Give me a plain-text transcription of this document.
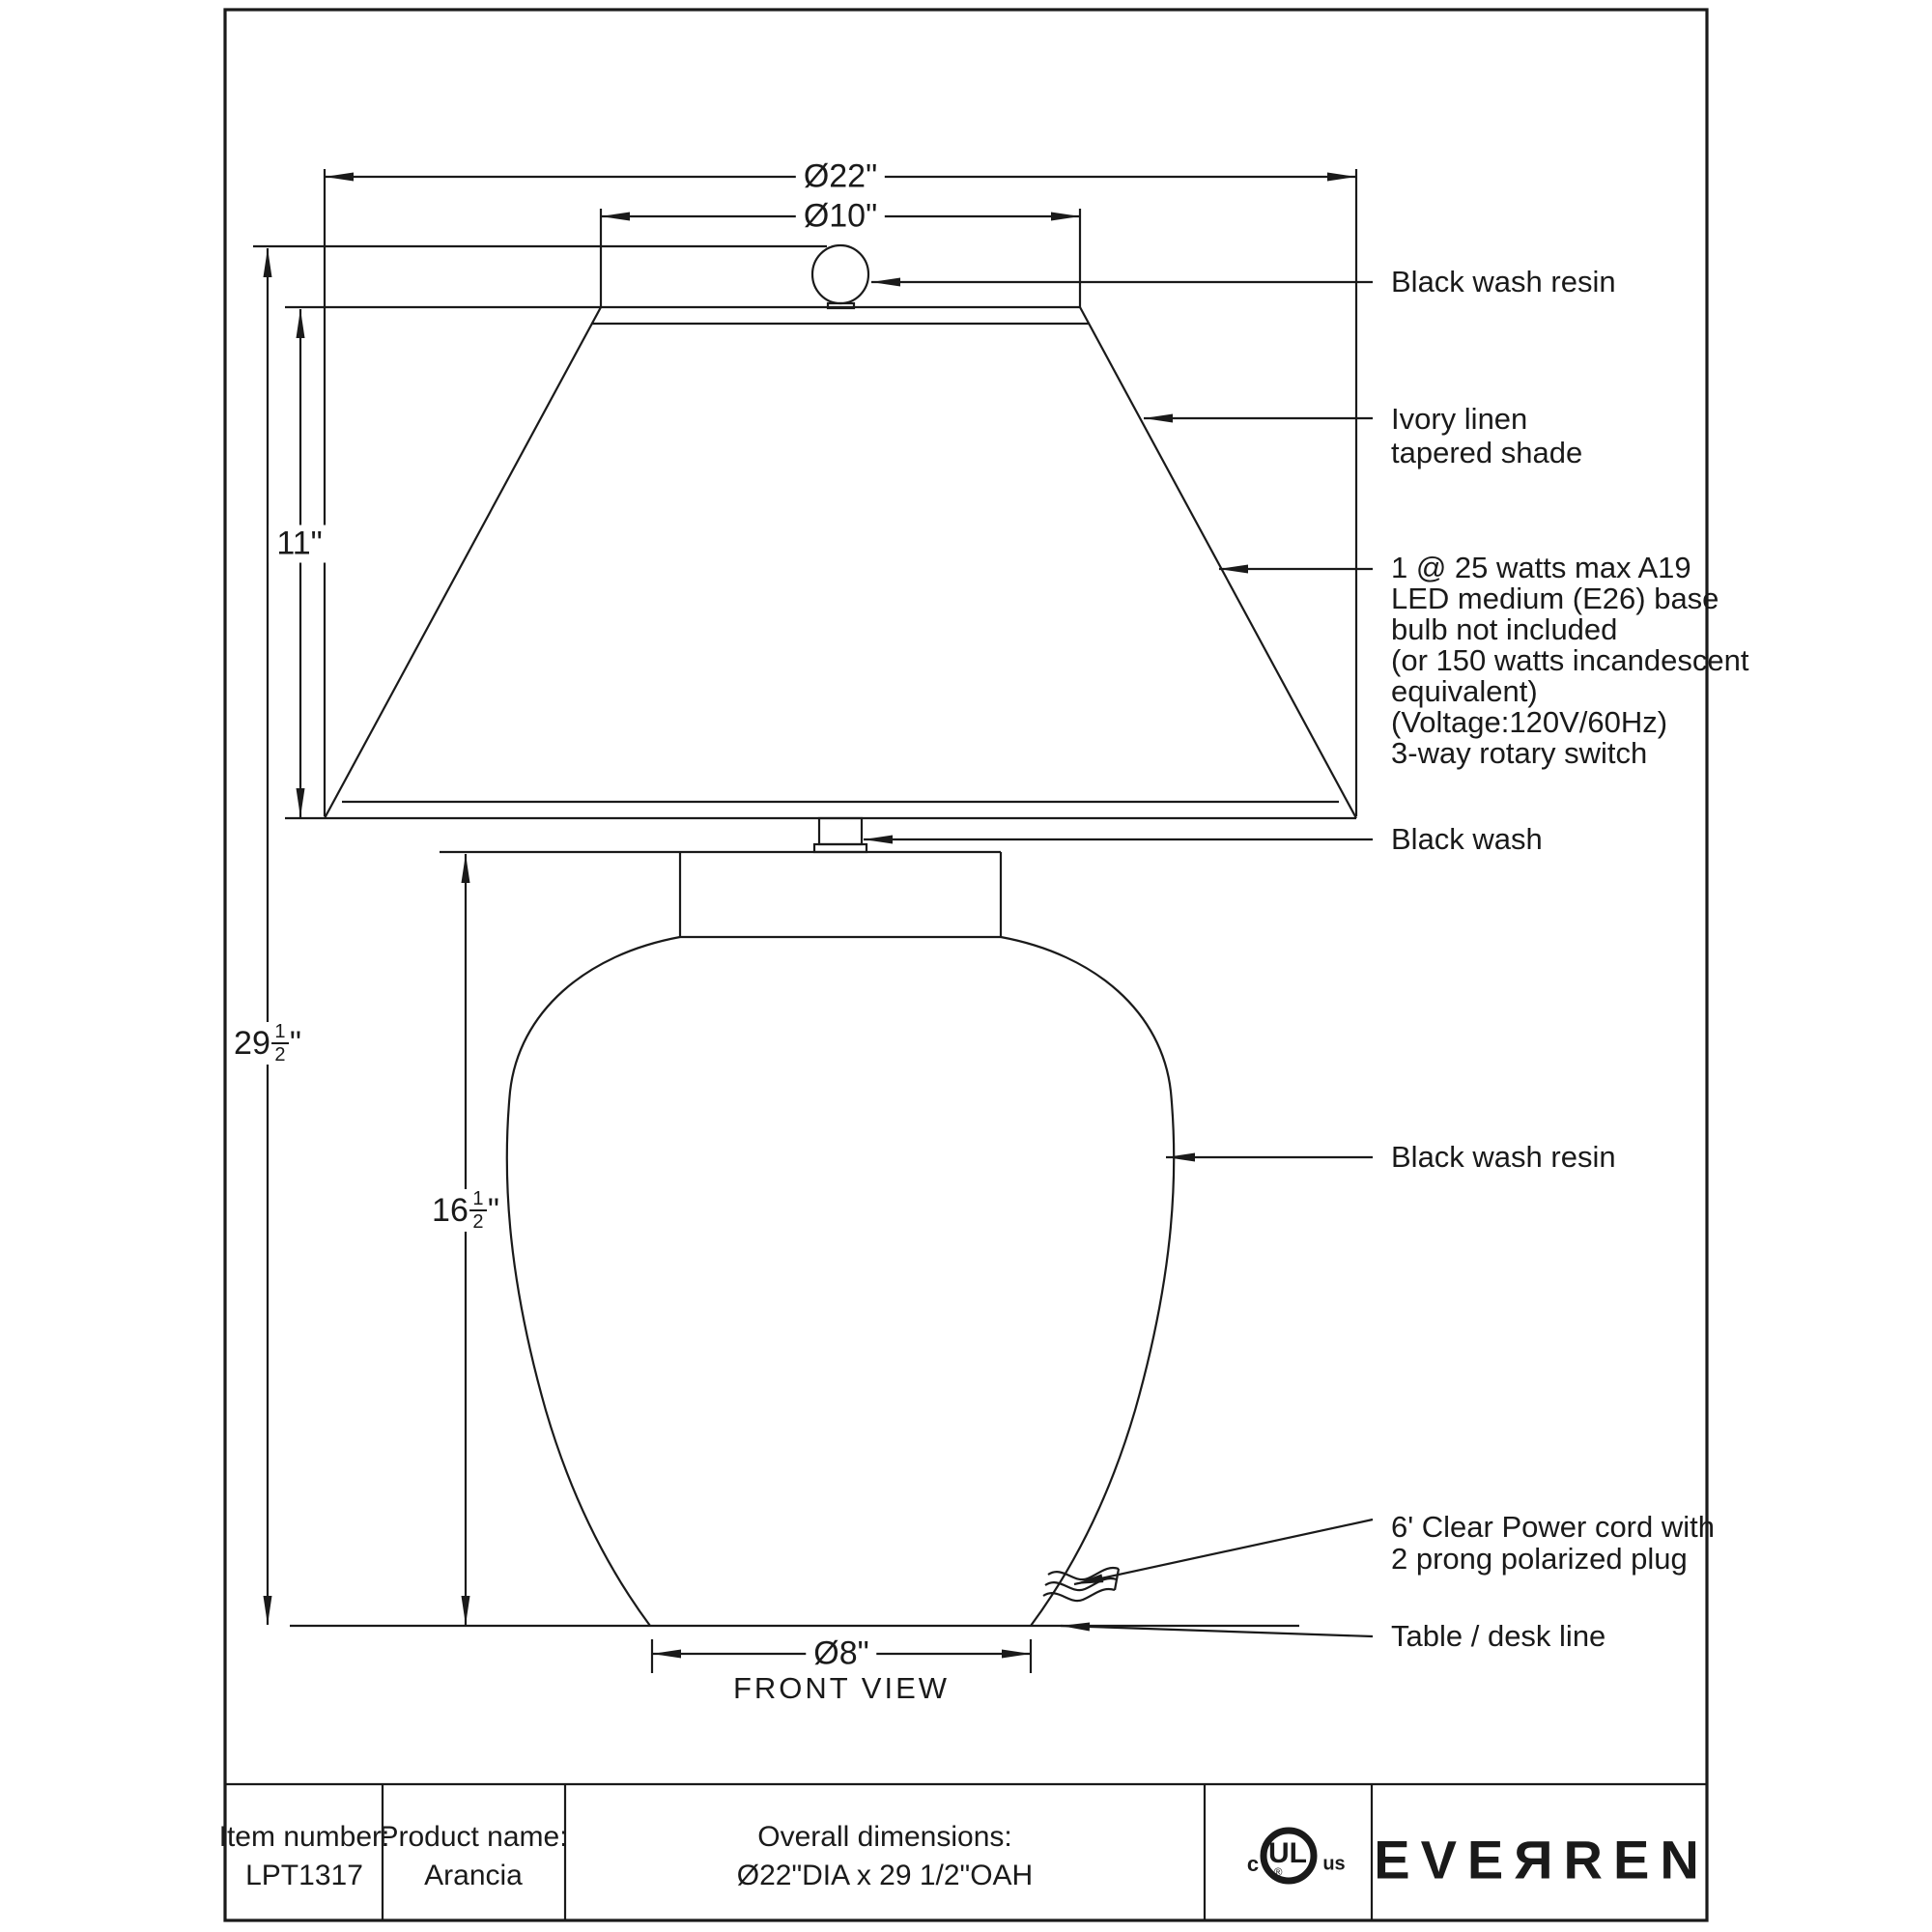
Ø22"
Ø10"
11"
$29 \frac{1}{2}$ "
$16 \frac{1}{2}$ "
Ø8"
FRONT VIEW
Black wash resin
Ivory linen
tapered shade
1 @ 25 watts max A19
LED medium (E26) base
bulb not included
(or 150 watts incandescent
equivalent)
(Voltage:120V/60Hz)
3-way rotary switch
Black wash
Black wash resin
6' Clear Power cord with
2 prong polarized plug
Table / desk line
Item number:
LPT1317
Product name:
Arancia
Overall dimensions:
Ø22"DIA x 29 1/2"OAH	c UL
® us EVEЯREN
